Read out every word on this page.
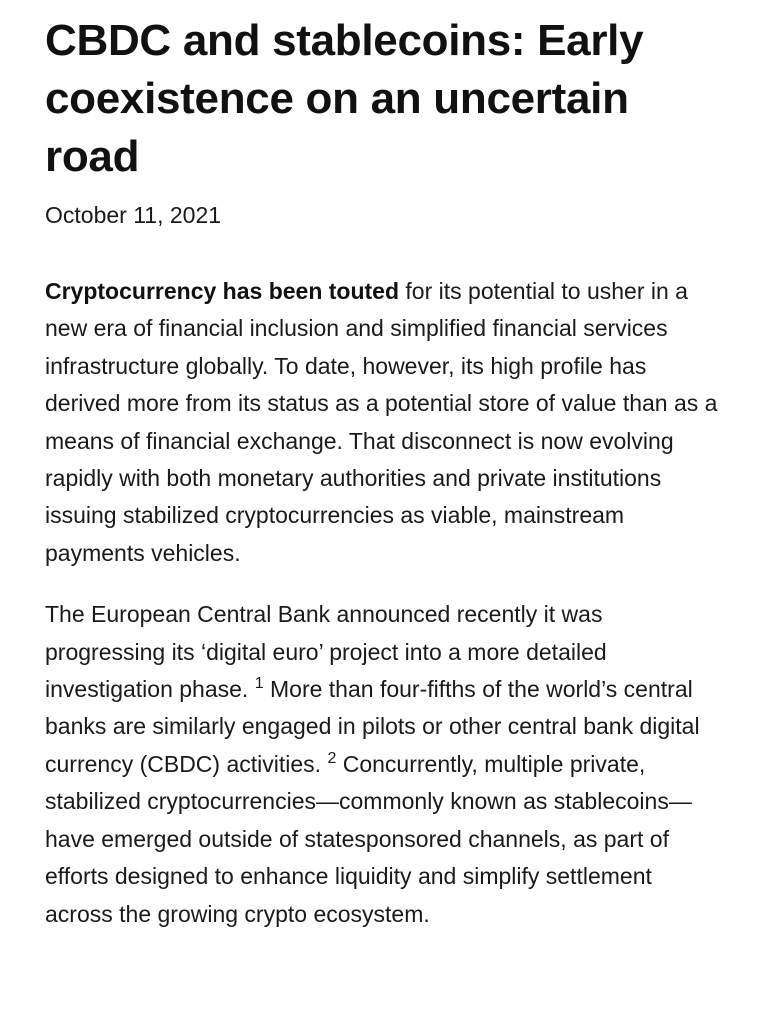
CBDC and stablecoins: Early coexistence on an uncertain road
October 11, 2021

Cryptocurrency has been touted for its potential to usher in a new era of financial inclusion and simplified financial services infrastructure globally. To date, however, its high profile has derived more from its status as a potential store of value than as a means of financial exchange. That disconnect is now evolving rapidly with both monetary authorities and private institutions issuing stabilized cryptocurrencies as viable, mainstream payments vehicles.

The European Central Bank announced recently it was progressing its ‘digital euro’ project into a more detailed investigation phase. $^1$ More than four-fifths of the world’s central banks are similarly engaged in pilots or other central bank digital currency (CBDC) activities. $^2$ Concurrently, multiple private, stabilized cryptocurrencies—commonly known as stablecoins—have emerged outside of statesponsored channels, as part of efforts designed to enhance liquidity and simplify settlement across the growing crypto ecosystem.
